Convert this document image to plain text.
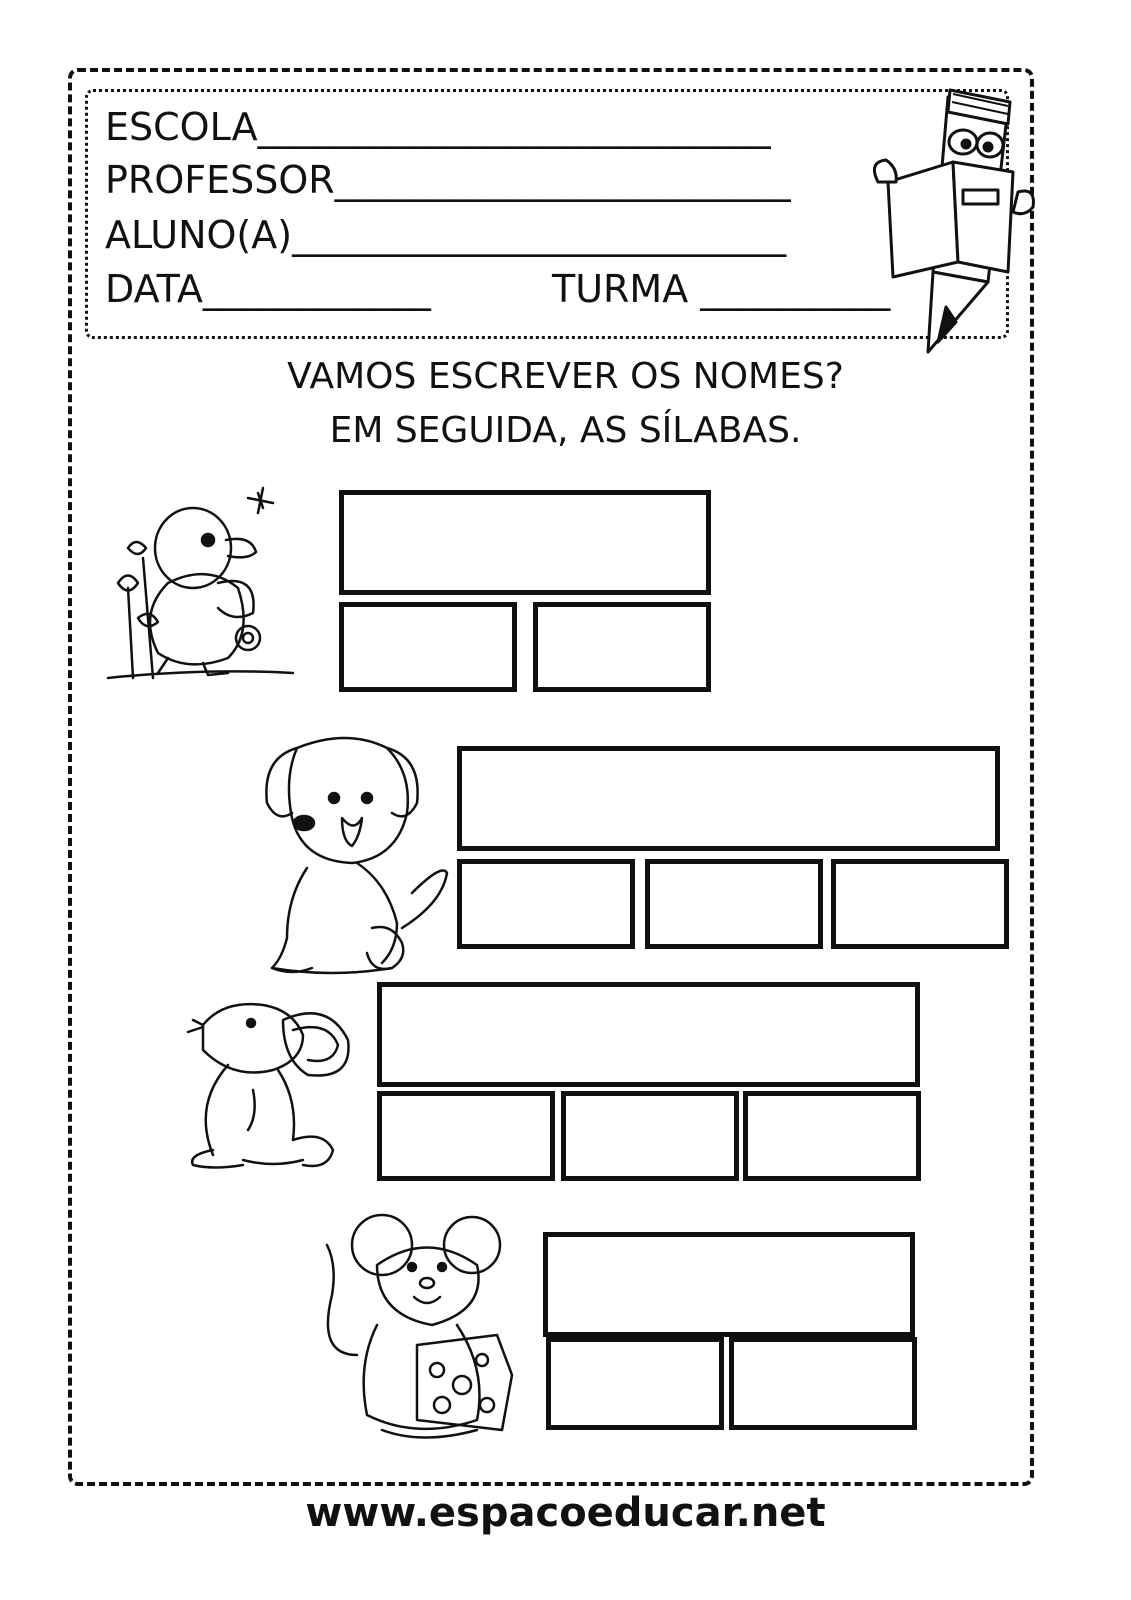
ESCOLA___________________________
PROFESSOR________________________
ALUNO(A)__________________________
DATA____________	TURMA __________
VAMOS ESCREVER OS NOMES?
EM SEGUIDA, AS SÍLABAS.
www.espacoeducar.net
